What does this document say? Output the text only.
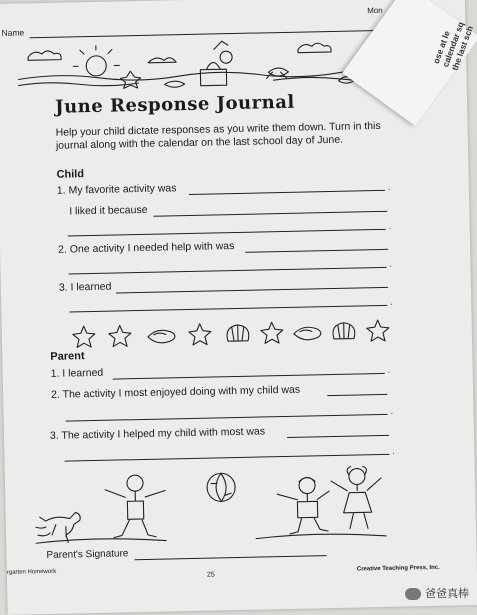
Name
Mon
June Response Journal
Help your child dictate responses as you write them down. Turn in this journal along with the calendar on the last school day of June.
Child
1. My favorite activity was	.
I liked it because
.
2. One activity I needed help with was
.
3. I learned
.
Parent
1. I learned	.
2. The activity I most enjoyed doing with my child was
.
3. The activity I helped my child with most was
.
Parent's Signature
rgarten Homework	25
Creative Teaching Press, Inc.
ose at le
calendar sq
the last sch
爸爸真棒
